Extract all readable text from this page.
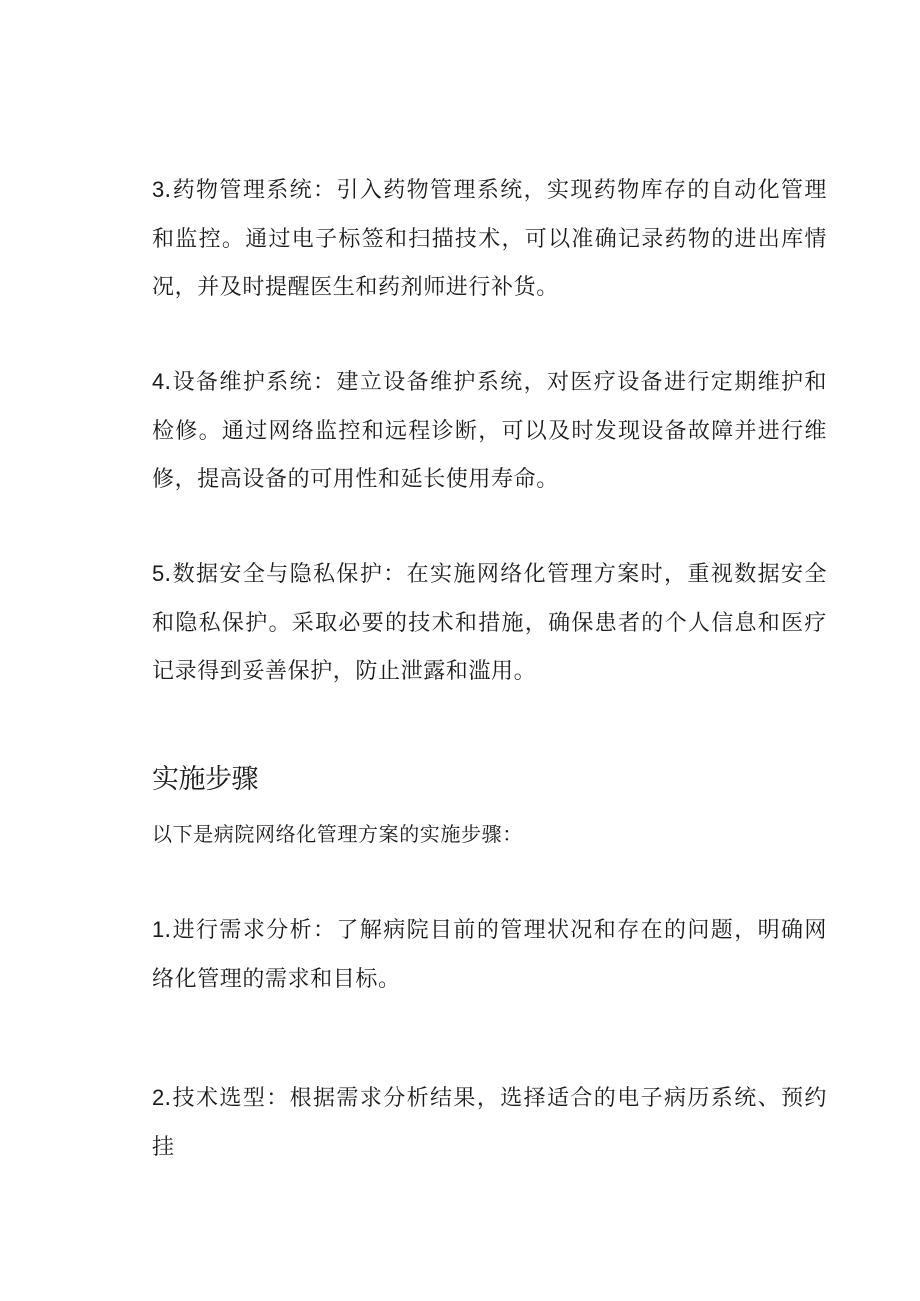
3.药物管理系统：引入药物管理系统，实现药物库存的自动化管理和监控。通过电子标签和扫描技术，可以准确记录药物的进出库情况，并及时提醒医生和药剂师进行补货。

4.设备维护系统：建立设备维护系统，对医疗设备进行定期维护和检修。通过网络监控和远程诊断，可以及时发现设备故障并进行维修，提高设备的可用性和延长使用寿命。

5.数据安全与隐私保护：在实施网络化管理方案时，重视数据安全和隐私保护。采取必要的技术和措施，确保患者的个人信息和医疗记录得到妥善保护，防止泄露和滥用。

实施步骤

以下是病院网络化管理方案的实施步骤：

1.进行需求分析：了解病院目前的管理状况和存在的问题，明确网络化管理的需求和目标。

2.技术选型：根据需求分析结果，选择适合的电子病历系统、预约挂
